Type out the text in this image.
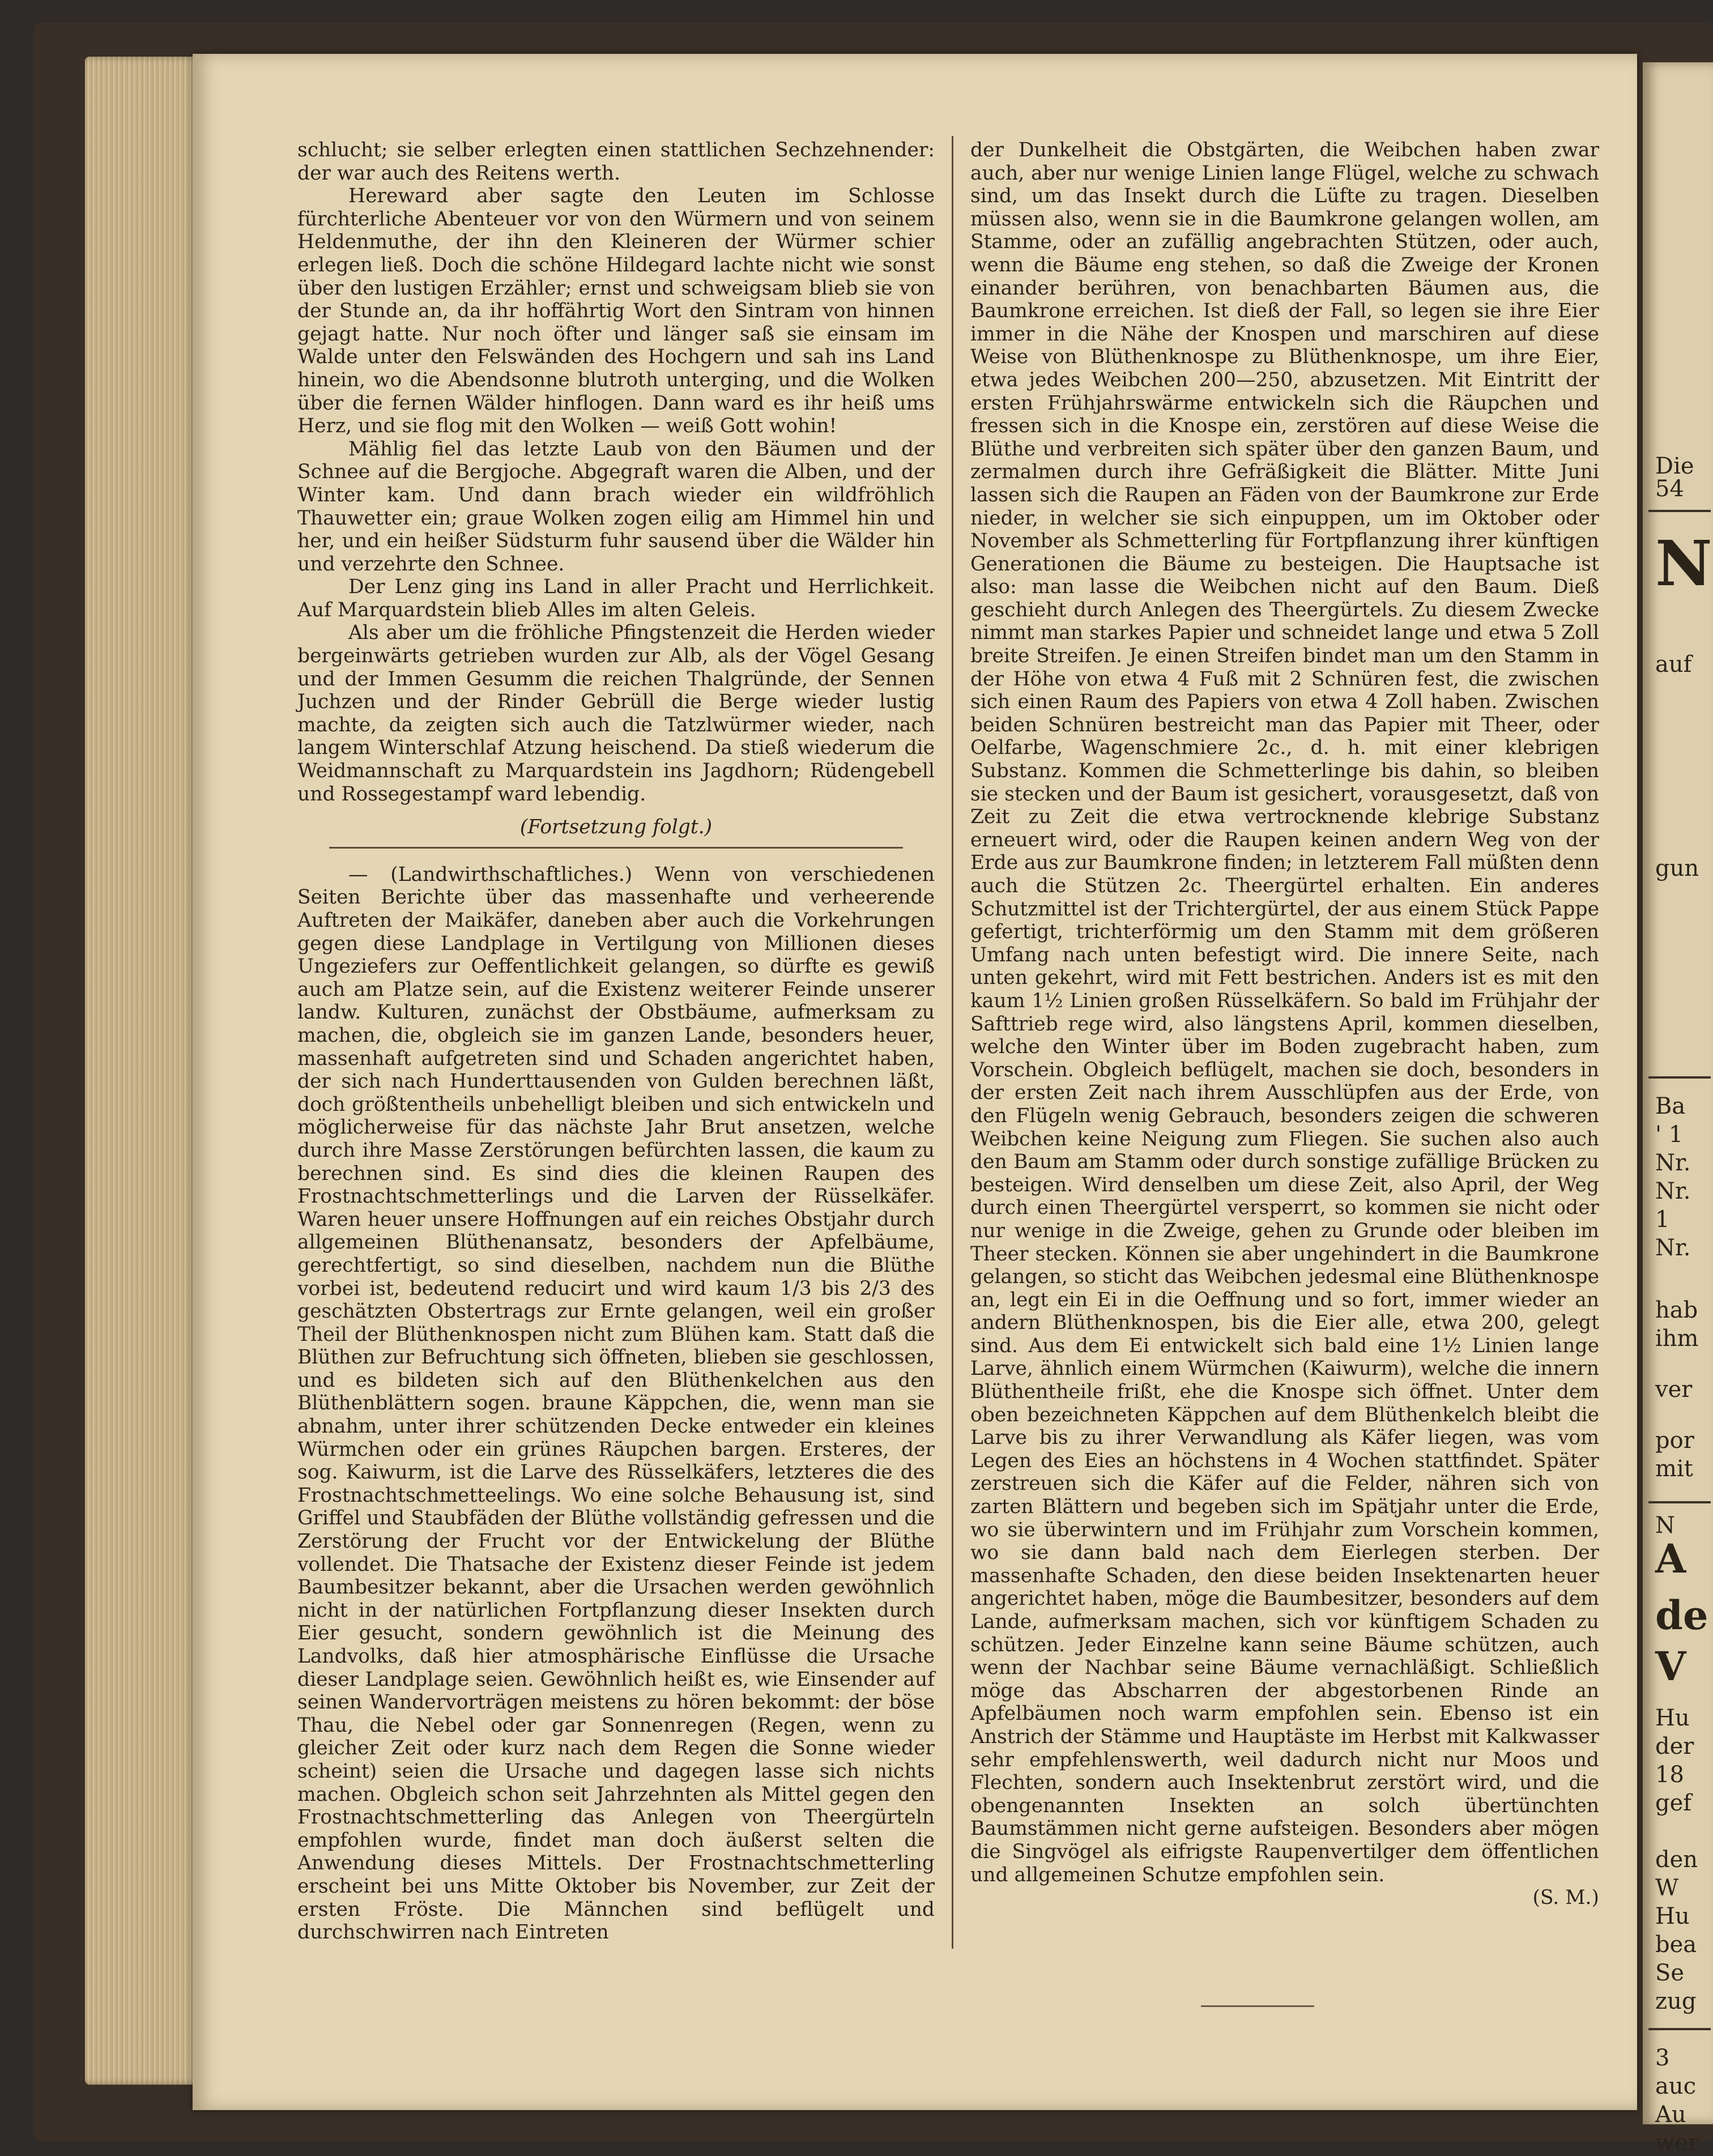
schlucht; sie selber erlegten einen stattlichen Sechzehnender: der war auch des Reitens werth.

Hereward aber sagte den Leuten im Schlosse fürchterliche Abenteuer vor von den Würmern und von seinem Heldenmuthe, der ihn den Kleineren der Würmer schier erlegen ließ. Doch die schöne Hildegard lachte nicht wie sonst über den lustigen Erzähler; ernst und schweigsam blieb sie von der Stunde an, da ihr hoffährtig Wort den Sintram von hinnen gejagt hatte. Nur noch öfter und länger saß sie einsam im Walde unter den Felswänden des Hochgern und sah ins Land hinein, wo die Abendsonne blutroth unterging, und die Wolken über die fernen Wälder hinflogen. Dann ward es ihr heiß ums Herz, und sie flog mit den Wolken — weiß Gott wohin!

Mählig fiel das letzte Laub von den Bäumen und der Schnee auf die Bergjoche. Abgegraft waren die Alben, und der Winter kam. Und dann brach wieder ein wildfröhlich Thauwetter ein; graue Wolken zogen eilig am Himmel hin und her, und ein heißer Südsturm fuhr sausend über die Wälder hin und verzehrte den Schnee.

Der Lenz ging ins Land in aller Pracht und Herrlichkeit. Auf Marquardstein blieb Alles im alten Geleis.

Als aber um die fröhliche Pfingstenzeit die Herden wieder bergeinwärts getrieben wurden zur Alb, als der Vögel Gesang und der Immen Gesumm die reichen Thalgründe, der Sennen Juchzen und der Rinder Gebrüll die Berge wieder lustig machte, da zeigten sich auch die Tatzlwürmer wieder, nach langem Winterschlaf Atzung heischend. Da stieß wiederum die Weidmannschaft zu Marquardstein ins Jagdhorn; Rüdengebell und Rossegestampf ward lebendig.

(Fortsetzung folgt.)

— (Landwirthschaftliches.) Wenn von verschiedenen Seiten Berichte über das massenhafte und verheerende Auftreten der Maikäfer, daneben aber auch die Vorkehrungen gegen diese Landplage in Vertilgung von Millionen dieses Ungeziefers zur Oeffentlichkeit gelangen, so dürfte es gewiß auch am Platze sein, auf die Existenz weiterer Feinde unserer landw. Kulturen, zunächst der Obstbäume, aufmerksam zu machen, die, obgleich sie im ganzen Lande, besonders heuer, massenhaft aufgetreten sind und Schaden angerichtet haben, der sich nach Hunderttausenden von Gulden berechnen läßt, doch größtentheils unbehelligt bleiben und sich entwickeln und möglicherweise für das nächste Jahr Brut ansetzen, welche durch ihre Masse Zerstörungen befürchten lassen, die kaum zu berechnen sind. Es sind dies die kleinen Raupen des Frostnachtschmetterlings und die Larven der Rüsselkäfer. Waren heuer unsere Hoffnungen auf ein reiches Obstjahr durch allgemeinen Blüthenansatz, besonders der Apfelbäume, gerechtfertigt, so sind dieselben, nachdem nun die Blüthe vorbei ist, bedeutend reducirt und wird kaum 1/3 bis 2/3 des geschätzten Obstertrags zur Ernte gelangen, weil ein großer Theil der Blüthenknospen nicht zum Blühen kam. Statt daß die Blüthen zur Befruchtung sich öffneten, blieben sie geschlossen, und es bildeten sich auf den Blüthenkelchen aus den Blüthenblättern sogen. braune Käppchen, die, wenn man sie abnahm, unter ihrer schützenden Decke entweder ein kleines Würmchen oder ein grünes Räupchen bargen. Ersteres, der sog. Kaiwurm, ist die Larve des Rüsselkäfers, letzteres die des Frostnachtschmetteelings. Wo eine solche Behausung ist, sind Griffel und Staubfäden der Blüthe vollständig gefressen und die Zerstörung der Frucht vor der Entwickelung der Blüthe vollendet. Die Thatsache der Existenz dieser Feinde ist jedem Baumbesitzer bekannt, aber die Ursachen werden gewöhnlich nicht in der natürlichen Fortpflanzung dieser Insekten durch Eier gesucht, sondern gewöhnlich ist die Meinung des Landvolks, daß hier atmosphärische Einflüsse die Ursache dieser Landplage seien. Gewöhnlich heißt es, wie Einsender auf seinen Wandervorträgen meistens zu hören bekommt: der böse Thau, die Nebel oder gar Sonnenregen (Regen, wenn zu gleicher Zeit oder kurz nach dem Regen die Sonne wieder scheint) seien die Ursache und dagegen lasse sich nichts machen. Obgleich schon seit Jahrzehnten als Mittel gegen den Frostnachtschmetterling das Anlegen von Theergürteln empfohlen wurde, findet man doch äußerst selten die Anwendung dieses Mittels. Der Frostnachtschmetterling erscheint bei uns Mitte Oktober bis November, zur Zeit der ersten Fröste. Die Männchen sind beflügelt und durchschwirren nach Eintreten

der Dunkelheit die Obstgärten, die Weibchen haben zwar auch, aber nur wenige Linien lange Flügel, welche zu schwach sind, um das Insekt durch die Lüfte zu tragen. Dieselben müssen also, wenn sie in die Baumkrone gelangen wollen, am Stamme, oder an zufällig angebrachten Stützen, oder auch, wenn die Bäume eng stehen, so daß die Zweige der Kronen einander berühren, von benachbarten Bäumen aus, die Baumkrone erreichen. Ist dieß der Fall, so legen sie ihre Eier immer in die Nähe der Knospen und marschiren auf diese Weise von Blüthenknospe zu Blüthenknospe, um ihre Eier, etwa jedes Weibchen 200—250, abzusetzen. Mit Eintritt der ersten Frühjahrswärme entwickeln sich die Räupchen und fressen sich in die Knospe ein, zerstören auf diese Weise die Blüthe und verbreiten sich später über den ganzen Baum, und zermalmen durch ihre Gefräßigkeit die Blätter. Mitte Juni lassen sich die Raupen an Fäden von der Baumkrone zur Erde nieder, in welcher sie sich einpuppen, um im Oktober oder November als Schmetterling für Fortpflanzung ihrer künftigen Generationen die Bäume zu besteigen. Die Hauptsache ist also: man lasse die Weibchen nicht auf den Baum. Dieß geschieht durch Anlegen des Theergürtels. Zu diesem Zwecke nimmt man starkes Papier und schneidet lange und etwa 5 Zoll breite Streifen. Je einen Streifen bindet man um den Stamm in der Höhe von etwa 4 Fuß mit 2 Schnüren fest, die zwischen sich einen Raum des Papiers von etwa 4 Zoll haben. Zwischen beiden Schnüren bestreicht man das Papier mit Theer, oder Oelfarbe, Wagenschmiere 2c., d. h. mit einer klebrigen Substanz. Kommen die Schmetterlinge bis dahin, so bleiben sie stecken und der Baum ist gesichert, vorausgesetzt, daß von Zeit zu Zeit die etwa vertrocknende klebrige Substanz erneuert wird, oder die Raupen keinen andern Weg von der Erde aus zur Baumkrone finden; in letzterem Fall müßten denn auch die Stützen 2c. Theergürtel erhalten. Ein anderes Schutzmittel ist der Trichtergürtel, der aus einem Stück Pappe gefertigt, trichterförmig um den Stamm mit dem größeren Umfang nach unten befestigt wird. Die innere Seite, nach unten gekehrt, wird mit Fett bestrichen. Anders ist es mit den kaum 1½ Linien großen Rüsselkäfern. So bald im Frühjahr der Safttrieb rege wird, also längstens April, kommen dieselben, welche den Winter über im Boden zugebracht haben, zum Vorschein. Obgleich beflügelt, machen sie doch, besonders in der ersten Zeit nach ihrem Ausschlüpfen aus der Erde, von den Flügeln wenig Gebrauch, besonders zeigen die schweren Weibchen keine Neigung zum Fliegen. Sie suchen also auch den Baum am Stamm oder durch sonstige zufällige Brücken zu besteigen. Wird denselben um diese Zeit, also April, der Weg durch einen Theergürtel versperrt, so kommen sie nicht oder nur wenige in die Zweige, gehen zu Grunde oder bleiben im Theer stecken. Können sie aber ungehindert in die Baumkrone gelangen, so sticht das Weibchen jedesmal eine Blüthenknospe an, legt ein Ei in die Oeffnung und so fort, immer wieder an andern Blüthenknospen, bis die Eier alle, etwa 200, gelegt sind. Aus dem Ei entwickelt sich bald eine 1½ Linien lange Larve, ähnlich einem Würmchen (Kaiwurm), welche die innern Blüthentheile frißt, ehe die Knospe sich öffnet. Unter dem oben bezeichneten Käppchen auf dem Blüthenkelch bleibt die Larve bis zu ihrer Verwandlung als Käfer liegen, was vom Legen des Eies an höchstens in 4 Wochen stattfindet. Später zerstreuen sich die Käfer auf die Felder, nähren sich von zarten Blättern und begeben sich im Spätjahr unter die Erde, wo sie überwintern und im Frühjahr zum Vorschein kommen, wo sie dann bald nach dem Eierlegen sterben. Der massenhafte Schaden, den diese beiden Insektenarten heuer angerichtet haben, möge die Baumbesitzer, besonders auf dem Lande, aufmerksam machen, sich vor künftigem Schaden zu schützen. Jeder Einzelne kann seine Bäume schützen, auch wenn der Nachbar seine Bäume vernachläßigt. Schließlich möge das Abscharren der abgestorbenen Rinde an Apfelbäumen noch warm empfohlen sein. Ebenso ist ein Anstrich der Stämme und Hauptäste im Herbst mit Kalkwasser sehr empfehlenswerth, weil dadurch nicht nur Moos und Flechten, sondern auch Insektenbrut zerstört wird, und die obengenannten Insekten an solch übertünchten Baumstämmen nicht gerne aufsteigen. Besonders aber mögen die Singvögel als eifrigste Raupenvertilger dem öffentlichen und allgemeinen Schutze empfohlen sein.

(S. M.)

Die
54
N
auf
gun
Ba
' 1
Nr.
Nr.
1
Nr.
hab
ihm
ver
por
mit
N
A
de
V
Hu
der
18
gef
den
W
Hu
bea
Se
zug
3
auc
Au
wer
